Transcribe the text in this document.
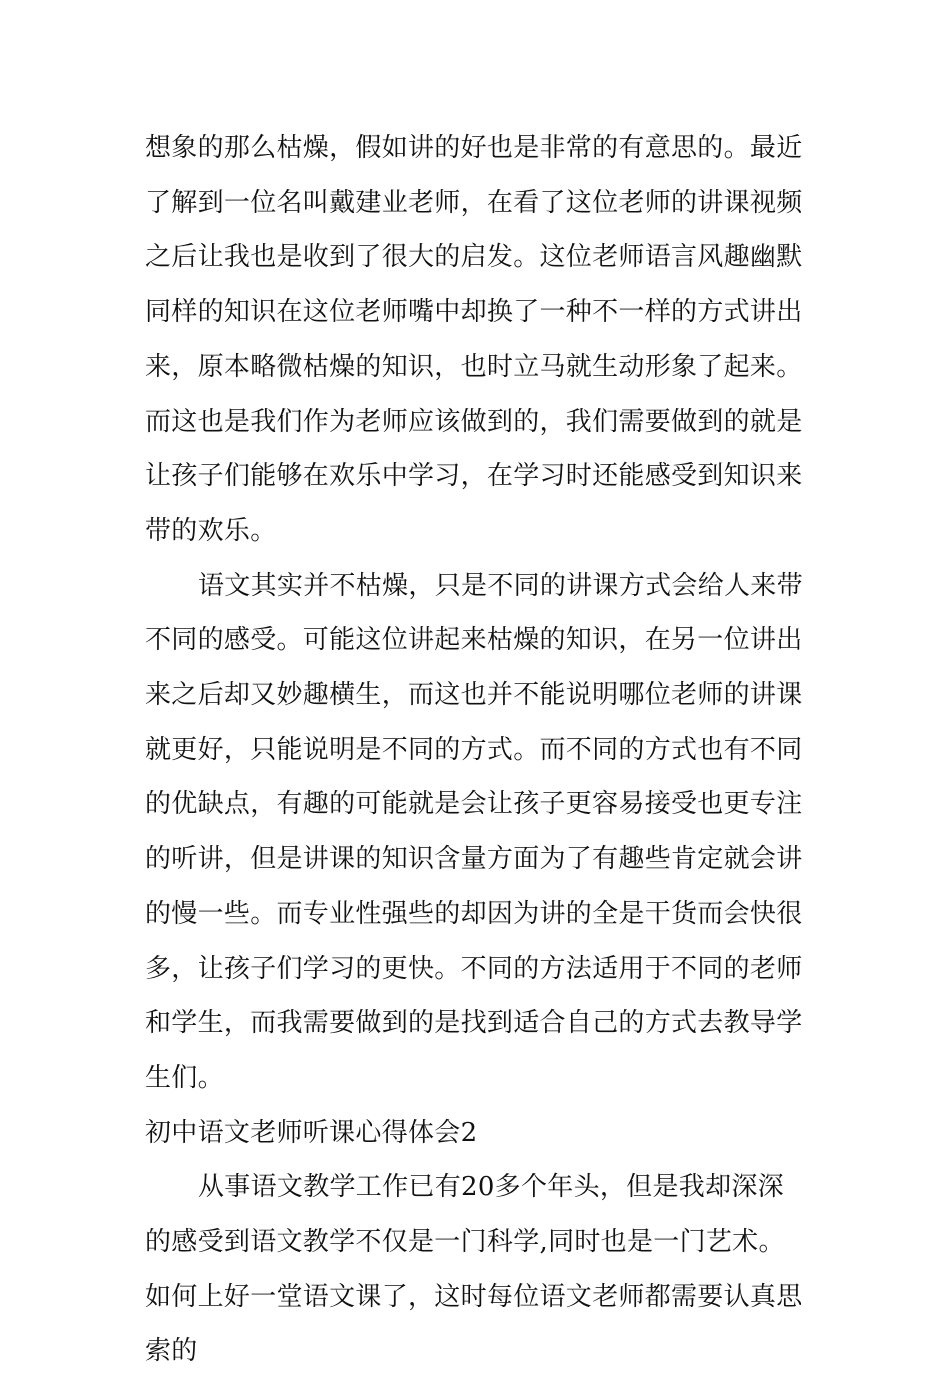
想象的那么枯燥，假如讲的好也是非常的有意思的。最近了解到一位名叫戴建业老师，在看了这位老师的讲课视频之后让我也是收到了很大的启发。这位老师语言风趣幽默同样的知识在这位老师嘴中却换了一种不一样的方式讲出来，原本略微枯燥的知识，也时立马就生动形象了起来。而这也是我们作为老师应该做到的，我们需要做到的就是让孩子们能够在欢乐中学习，在学习时还能感受到知识来带的欢乐。

语文其实并不枯燥，只是不同的讲课方式会给人来带不同的感受。可能这位讲起来枯燥的知识，在另一位讲出来之后却又妙趣横生，而这也并不能说明哪位老师的讲课就更好，只能说明是不同的方式。而不同的方式也有不同的优缺点，有趣的可能就是会让孩子更容易接受也更专注的听讲，但是讲课的知识含量方面为了有趣些肯定就会讲的慢一些。而专业性强些的却因为讲的全是干货而会快很多，让孩子们学习的更快。不同的方法适用于不同的老师和学生，而我需要做到的是找到适合自己的方式去教导学生们。

初中语文老师听课心得体会2

从事语文教学工作已有20多个年头，但是我却深深的感受到语文教学不仅是一门科学,同时也是一门艺术。如何上好一堂语文课了，这时每位语文老师都需要认真思索的
